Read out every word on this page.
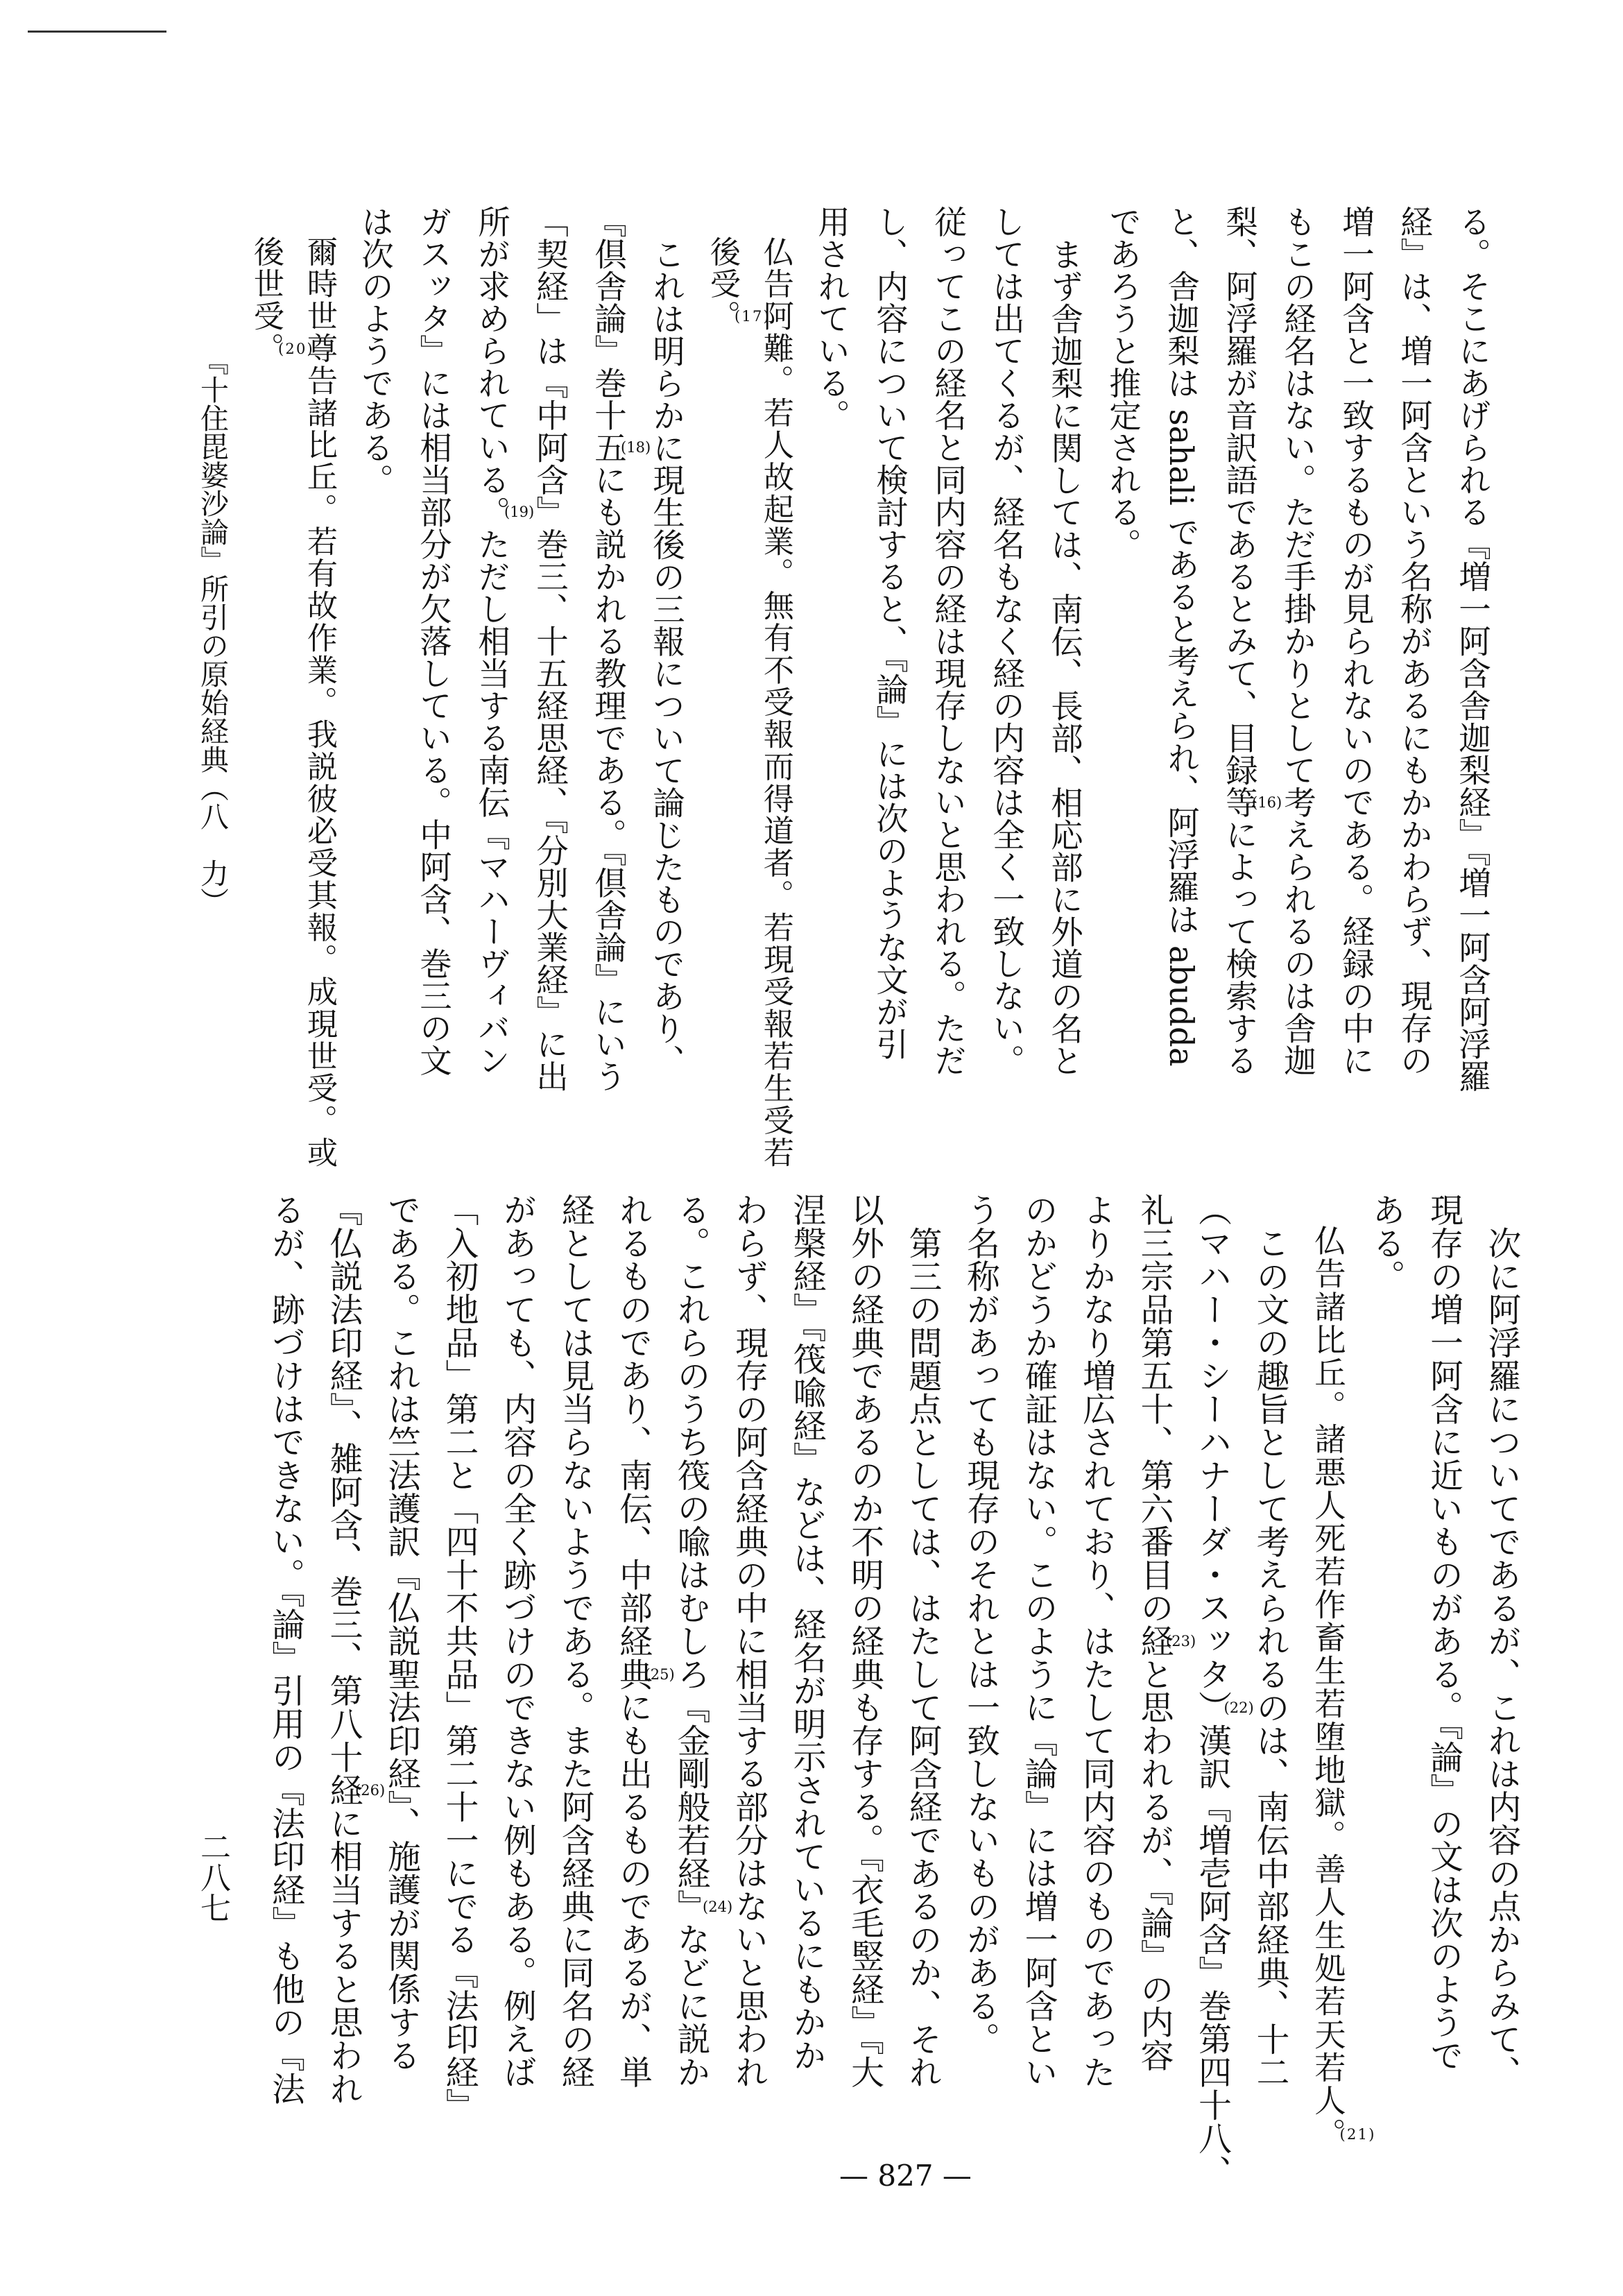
る。そこにあげられる『増一阿含舎迦梨経』『増一阿含阿浮羅
経』は、増一阿含という名称があるにもかかわらず、現存の
増一阿含と一致するものが見られないのである。経録の中に
もこの経名はない。ただ手掛かりとして考えられるのは舎迦
梨、阿浮羅が音訳語であるとみて、目録等 ( 16 )
によって検索する
と、舎迦梨は sahali であると考えられ、阿浮羅は abudda
であろうと推定される。
まず舎迦梨に関しては、南伝、長部、相応部に外道の名と
しては出てくるが、経名もなく経の内容は全く一致しない。
従ってこの経名と同内容の経は現存しないと思われる。ただ
し、内容について検討すると、『論』には次のような文が引
用されている。
仏告阿難。若人故起業。無有不受報而得道者。若現受報若生受若
後受。 ( 17 )
これは明らかに現生後の三報について論じたものであり、
『倶舎論』巻十五 ( 18 )
にも説かれる教理である。『倶舎論』にいう
「契経」は『中阿含』巻三、十五経思経、『分別大業経』に出
所が求められている。 ( 19 )
ただし相当する南伝『マハーヴィバン
ガスッタ』には相当部分が欠落している。中阿含、巻三の文
は次のようである。
爾時世尊告諸比丘。若有故作業。我説彼必受其報。成現世受。或
後世受。 ( 20 )
次に阿浮羅についてであるが、これは内容の点からみて、
現存の増一阿含に近いものがある。『論』の文は次のようで
ある。
仏告諸比丘。諸悪人死若作畜生若堕地獄。善人生処若天若人。 ( 21 )
この文の趣旨として考えられるのは、南伝中部経典、十二
（マハー・シーハナーダ・スッタ）
( 22 )
漢訳『増壱阿含』巻第四十八、
礼三宗品第五十、第六番目の経
( 23 )
と思われるが、『論』の内容
よりかなり増広されており、はたして同内容のものであった
のかどうか確証はない。このように『論』には増一阿含とい
う名称があっても現存のそれとは一致しないものがある。
第三の問題点としては、はたして阿含経であるのか、それ
以外の経典であるのか不明の経典も存する。『衣毛竪経』『大
涅槃経』『筏喩経』などは、経名が明示されているにもかか
わらず、現存の阿含経典の中に相当する部分はないと思われ
る。これらのうち筏の喩はむしろ『金剛般若経』
( 24 )
などに説か
れるものであり、南伝、中部経典
( 25 )
にも出るものであるが、単
経としては見当らないようである。また阿含経典に同名の経
があっても、内容の全く跡づけのできない例もある。例えば
「入初地品」第二と「四十不共品」第二十一にでる『法印経』
である。これは竺法護訳『仏説聖法印経』、施護が関係する
『仏説法印経』、雑阿含、巻三、第八十経
( 26 )
に相当すると思われ
るが、跡づけはできない。『論』引用の『法印経』も他の『法
『十住毘婆沙論』所引の原始経典（八力）
二八七
— 827 —
